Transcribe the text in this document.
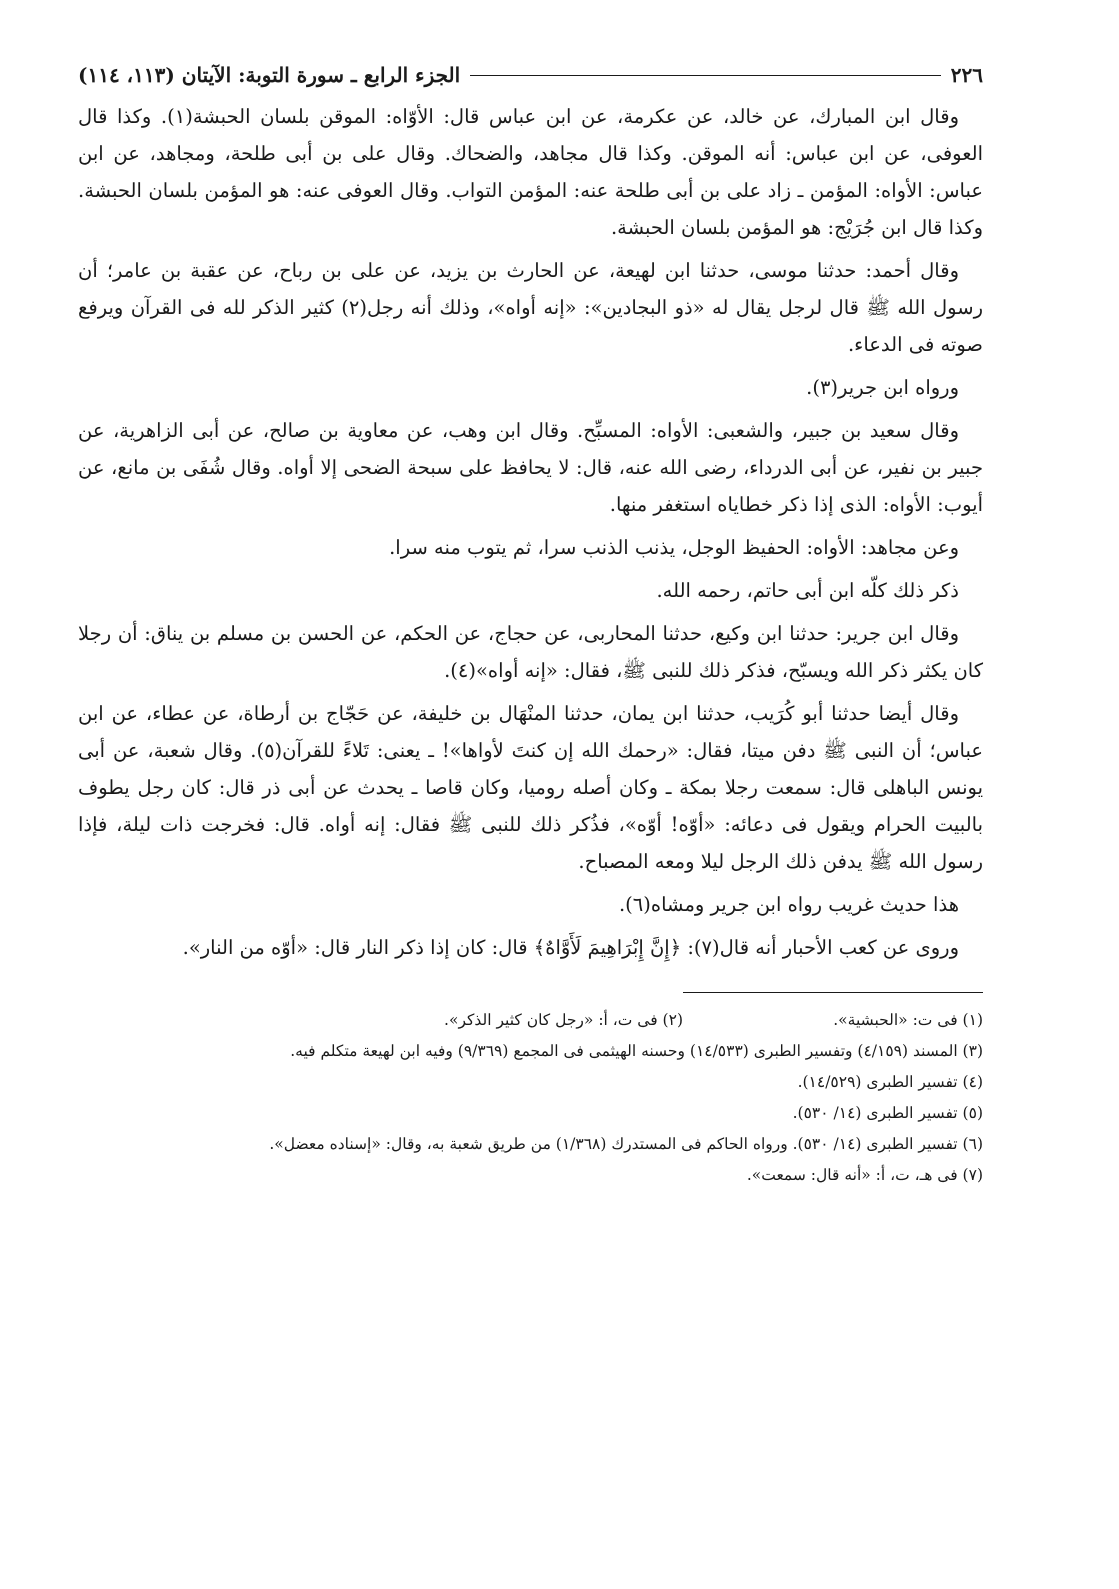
٢٢٦
الجزء الرابع ـ سورة التوبة: الآيتان (١١٣، ١١٤)

وقال ابن المبارك، عن خالد، عن عكرمة، عن ابن عباس قال: الأوّاه: الموقن بلسان الحبشة(١). وكذا قال العوفى، عن ابن عباس: أنه الموقن. وكذا قال مجاهد، والضحاك. وقال على بن أبى طلحة، ومجاهد، عن ابن عباس: الأواه: المؤمن ـ زاد على بن أبى طلحة عنه: المؤمن التواب. وقال العوفى عنه: هو المؤمن بلسان الحبشة. وكذا قال ابن جُرَيْج: هو المؤمن بلسان الحبشة.

وقال أحمد: حدثنا موسى، حدثنا ابن لهيعة، عن الحارث بن يزيد، عن على بن رباح، عن عقبة بن عامر؛ أن رسول الله ﷺ قال لرجل يقال له «ذو البجادين»: «إنه أواه»، وذلك أنه رجل(٢) كثير الذكر لله فى القرآن ويرفع صوته فى الدعاء.

ورواه ابن جرير(٣).

وقال سعيد بن جبير، والشعبى: الأواه: المسبِّح. وقال ابن وهب، عن معاوية بن صالح، عن أبى الزاهرية، عن جبير بن نفير، عن أبى الدرداء، رضى الله عنه، قال: لا يحافظ على سبحة الضحى إلا أواه. وقال شُفَى بن مانع، عن أيوب: الأواه: الذى إذا ذكر خطاياه استغفر منها.

وعن مجاهد: الأواه: الحفيظ الوجل، يذنب الذنب سرا، ثم يتوب منه سرا.

ذكر ذلك كلّه ابن أبى حاتم، رحمه الله.

وقال ابن جرير: حدثنا ابن وكيع، حدثنا المحاربى، عن حجاج، عن الحكم، عن الحسن بن مسلم بن يناق: أن رجلا كان يكثر ذكر الله ويسبّح، فذكر ذلك للنبى ﷺ، فقال: «إنه أواه»(٤).

وقال أيضا حدثنا أبو كُرَيب، حدثنا ابن يمان، حدثنا المنْهَال بن خليفة، عن حَجّاج بن أرطاة، عن عطاء، عن ابن عباس؛ أن النبى ﷺ دفن ميتا، فقال: «رحمك الله إن كنتَ لأواها»! ـ يعنى: تَلاءً للقرآن(٥). وقال شعبة، عن أبى يونس الباهلى قال: سمعت رجلا بمكة ـ وكان أصله روميا، وكان قاصا ـ يحدث عن أبى ذر قال: كان رجل يطوف بالبيت الحرام ويقول فى دعائه: «أوّه! أوّه»، فذُكر ذلك للنبى ﷺ فقال: إنه أواه. قال: فخرجت ذات ليلة، فإذا رسول الله ﷺ يدفن ذلك الرجل ليلا ومعه المصباح.

هذا حديث غريب رواه ابن جرير ومشاه(٦).

وروى عن كعب الأحبار أنه قال(٧): ﴿إِنَّ إِبْرَاهِيمَ لَأَوَّاهٌ﴾ قال: كان إذا ذكر النار قال: «أوّه من النار».

(١) فى ت: «الحبشية».
(٢) فى ت، أ: «رجل كان كثير الذكر».

(٣) المسند (٤/١٥٩) وتفسير الطبرى (١٤/٥٣٣) وحسنه الهيثمى فى المجمع (٩/٣٦٩) وفيه ابن لهيعة متكلم فيه.

(٤) تفسير الطبرى (١٤/٥٢٩).

(٥) تفسير الطبرى (١٤/ ٥٣٠).

(٦) تفسير الطبرى (١٤/ ٥٣٠). ورواه الحاكم فى المستدرك (١/٣٦٨) من طريق شعبة به، وقال: «إسناده معضل».

(٧) فى هـ، ت، أ: «أنه قال: سمعت».
